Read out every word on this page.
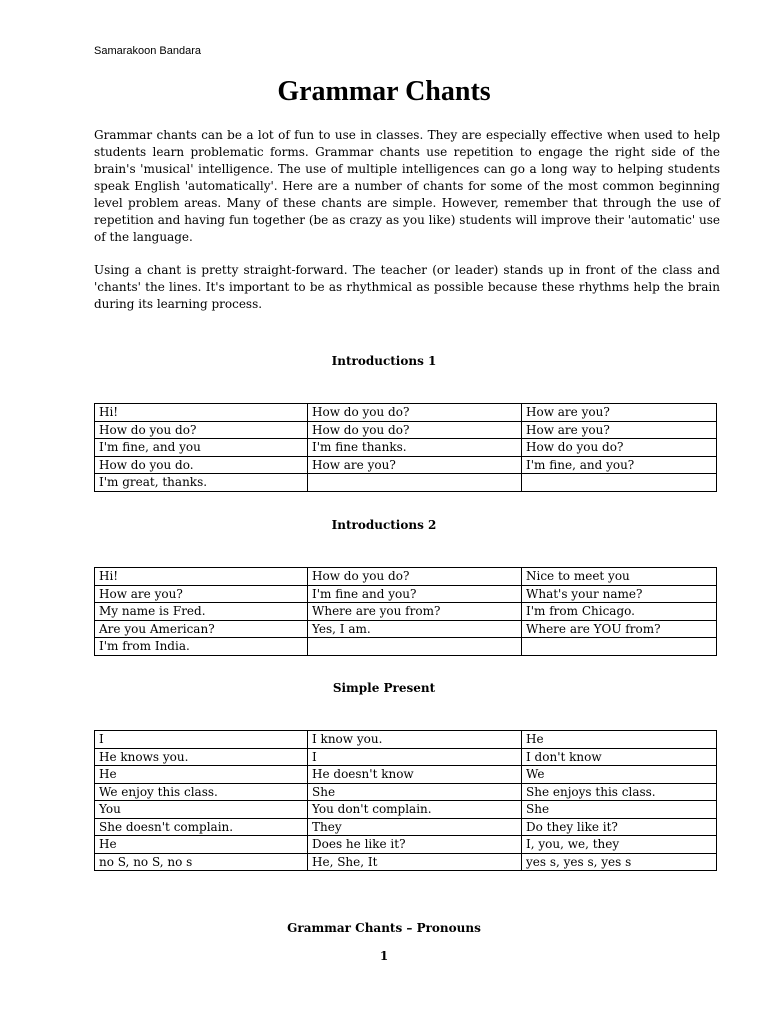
Samarakoon Bandara
Grammar Chants

Grammar chants can be a lot of fun to use in classes. They are especially effective when used to help students learn problematic forms. Grammar chants use repetition to engage the right side of the brain's 'musical' intelligence. The use of multiple intelligences can go a long way to helping students speak English 'automatically'. Here are a number of chants for some of the most common beginning level problem areas. Many of these chants are simple. However, remember that through the use of repetition and having fun together (be as crazy as you like) students will improve their 'automatic' use of the language.

Using a chant is pretty straight-forward. The teacher (or leader) stands up in front of the class and 'chants' the lines. It's important to be as rhythmical as possible because these rhythms help the brain during its learning process.

Introductions 1
Hi!	How do you do?	How are you?
How do you do?	How do you do?	How are you?
I'm fine, and you	I'm fine thanks.	How do you do?
How do you do.	How are you?	I'm fine, and you?
I'm great, thanks.		
Introductions 2
Hi!	How do you do?	Nice to meet you
How are you?	I'm fine and you?	What's your name?
My name is Fred.	Where are you from?	I'm from Chicago.
Are you American?	Yes, I am.	Where are YOU from?
I'm from India.		
Simple Present
I	I know you.	He
He knows you.	I	I don't know
He	He doesn't know	We
We enjoy this class.	She	She enjoys this class.
You	You don't complain.	She
She doesn't complain.	They	Do they like it?
He	Does he like it?	I, you, we, they
no S, no S, no s	He, She, It	yes s, yes s, yes s
Grammar Chants – Pronouns
1
